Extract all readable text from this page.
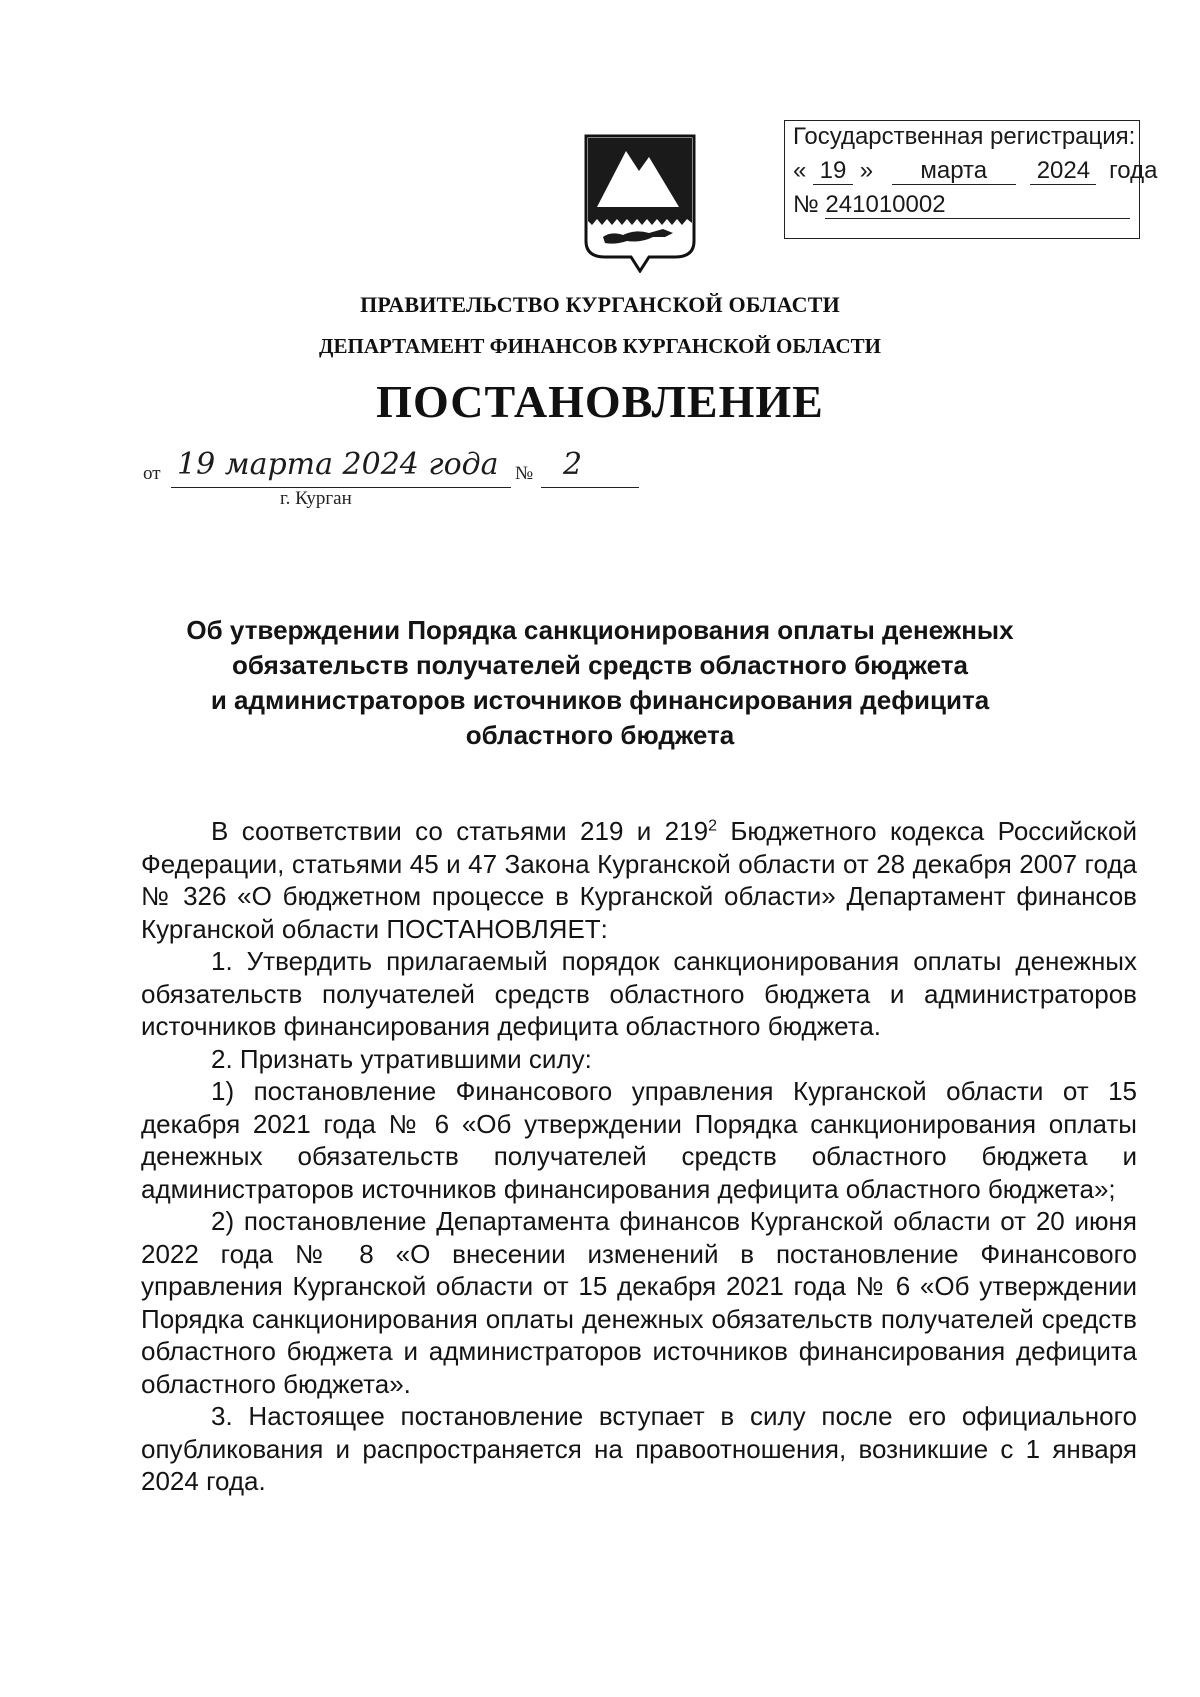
Государственная регистрация:
« 19 » марта 2024 года
№ 241010002
ПРАВИТЕЛЬСТВО КУРГАНСКОЙ ОБЛАСТИ
ДЕПАРТАМЕНТ ФИНАНСОВ КУРГАНСКОЙ ОБЛАСТИ
ПОСТАНОВЛЕНИЕ
от 19 марта 2024 года № 2
г. Курган
Об утверждении Порядка санкционирования оплаты денежных
обязательств получателей средств областного бюджета
и администраторов источников финансирования дефицита
областного бюджета

В соответствии со статьями 219 и $219^2$ Бюджетного кодекса Российской Федерации, статьями 45 и 47 Закона Курганской области от 28 декабря 2007 года № 326 «О бюджетном процессе в Курганской области» Департамент финансов Курганской области ПОСТАНОВЛЯЕТ:

1. Утвердить прилагаемый порядок санкционирования оплаты денежных обязательств получателей средств областного бюджета и администраторов источников финансирования дефицита областного бюджета.

2. Признать утратившими силу:

1) постановление Финансового управления Курганской области от 15 декабря 2021 года № 6 «Об утверждении Порядка санкционирования оплаты денежных обязательств получателей средств областного бюджета и администраторов источников финансирования дефицита областного бюджета»;

2) постановление Департамента финансов Курганской области от 20 июня 2022 года № 8 «О внесении изменений в постановление Финансового управления Курганской области от 15 декабря 2021 года № 6 «Об утверждении Порядка санкционирования оплаты денежных обязательств получателей средств областного бюджета и администраторов источников финансирования дефицита областного бюджета».

3. Настоящее постановление вступает в силу после его официального опубликования и распространяется на правоотношения, возникшие с 1 января 2024 года.
